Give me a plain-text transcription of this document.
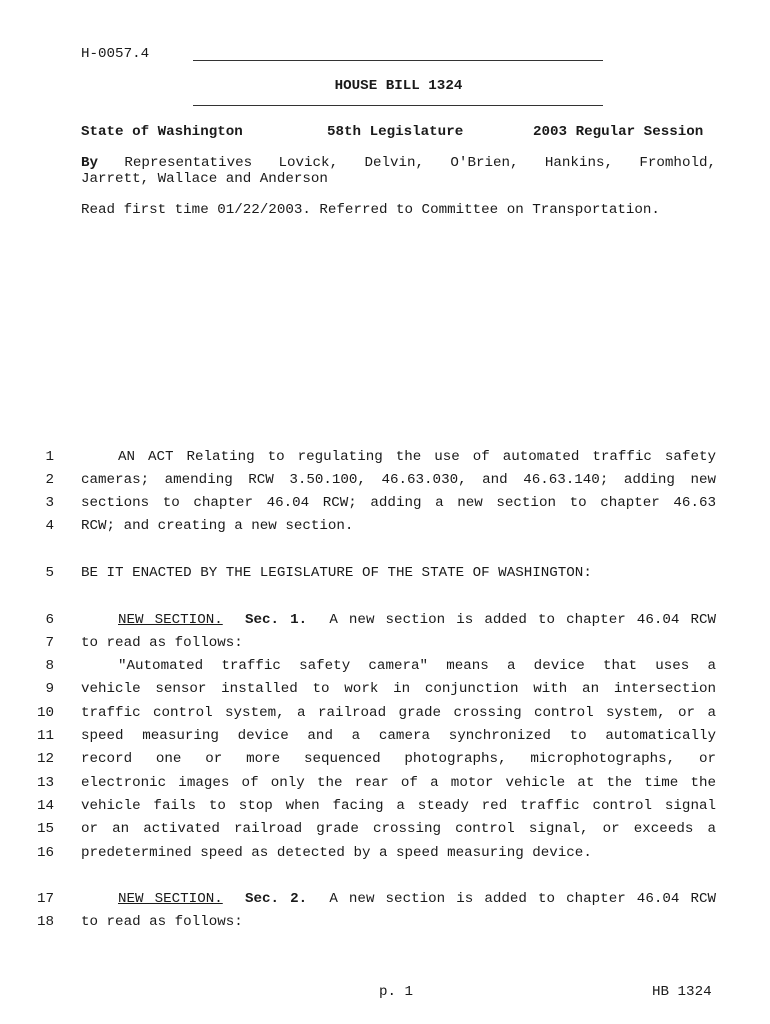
H-0057.4
HOUSE BILL 1324
State of Washington	58th Legislature	2003 Regular Session
By Representatives Lovick, Delvin, O'Brien, Hankins, Fromhold,
Jarrett, Wallace and Anderson
Read first time 01/22/2003. Referred to Committee on Transportation.
1	AN ACT Relating to regulating the use of automated traffic safety
2 cameras; amending RCW 3.50.100, 46.63.030, and 46.63.140; adding new
3 sections to chapter 46.04 RCW; adding a new section to chapter 46.63
4 RCW; and creating a new section.
5 BE IT ENACTED BY THE LEGISLATURE OF THE STATE OF WASHINGTON:
6	NEW SECTION. Sec. 1. A new section is added to chapter 46.04 RCW
7 to read as follows:
8	"Automated traffic safety camera" means a device that uses a
9 vehicle sensor installed to work in conjunction with an intersection
10 traffic control system, a railroad grade crossing control system, or a
11 speed measuring device and a camera synchronized to automatically
12 record one or more sequenced photographs, microphotographs, or
13 electronic images of only the rear of a motor vehicle at the time the
14 vehicle fails to stop when facing a steady red traffic control signal
15 or an activated railroad grade crossing control signal, or exceeds a
16 predetermined speed as detected by a speed measuring device.
17	NEW SECTION. Sec. 2. A new section is added to chapter 46.04 RCW
18 to read as follows:
p. 1	HB 1324
